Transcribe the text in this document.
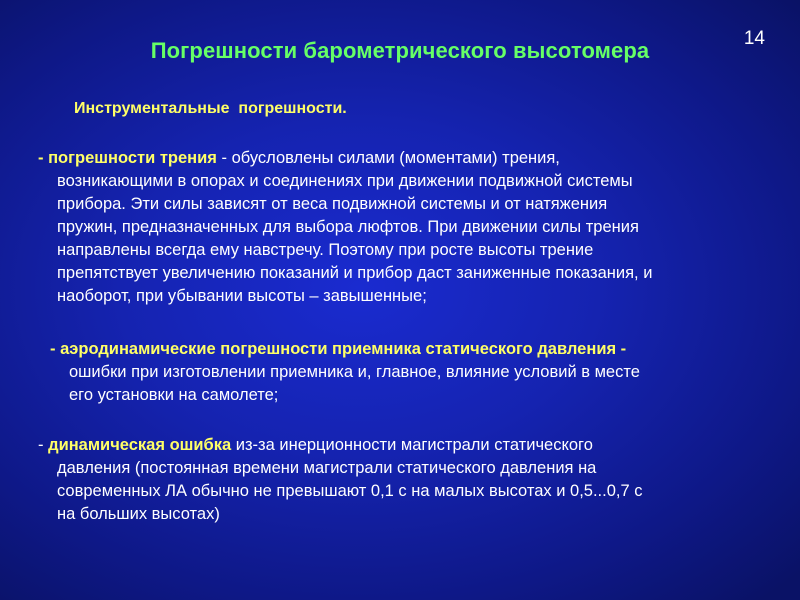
14
Погрешности барометрического высотомера
Инструментальные  погрешности.
- погрешности трения - обусловлены силами (моментами) трения,
возникающими в опорах и соединениях при движении подвижной системы
прибора. Эти силы зависят от веса подвижной системы и от натяжения
пружин, предназначенных для выбора люфтов. При движении силы трения
направлены всегда ему навстречу. Поэтому при росте высоты трение
препятствует увеличению показаний и прибор даст заниженные показания, и
наоборот, при убывании высоты – завышенные;
- аэродинамические погрешности приемника статического давления -
ошибки при изготовлении приемника и, главное, влияние условий в месте
его установки на самолете;
- динамическая ошибка из-за инерционности магистрали статического
давления (постоянная времени магистрали статического давления на
современных ЛА обычно не превышают 0,1 с на малых высотах и 0,5...0,7 с
на больших высотах)
